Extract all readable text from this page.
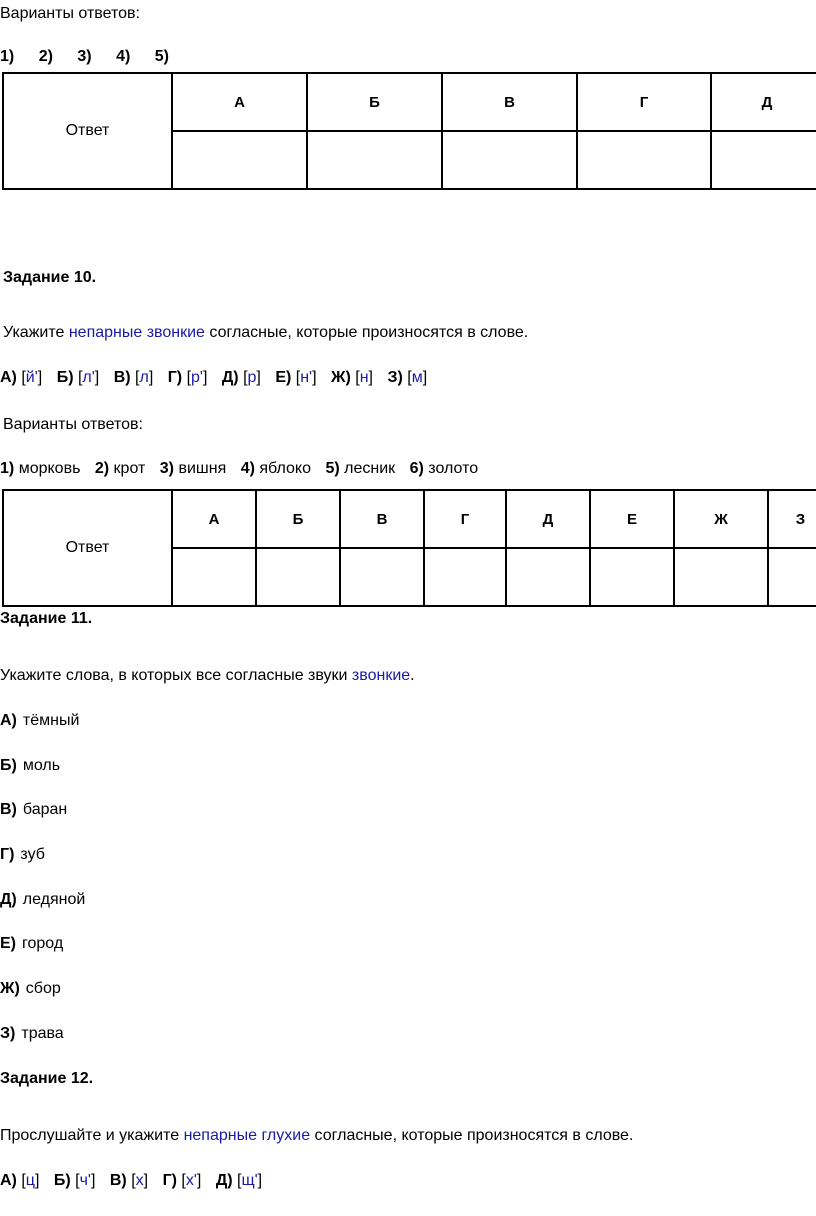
Варианты ответов:
1) 2) 3) 4) 5)
Ответ	А	Б	В	Г	Д

Задание 10.
Укажите непарные звонкие согласные, которые произносятся в слове.
А) [й'] Б) [л'] В) [л] Г) [р'] Д) [р] Е) [н'] Ж) [н] З) [м]
Варианты ответов:
1) морковь 2) крот 3) вишня 4) яблоко 5) лесник 6) золото
Ответ	А	Б	В	Г	Д	Е	Ж	З

Задание 11.
Укажите слова, в которых все согласные звуки звонкие.
А) тёмный
Б) моль
В) баран
Г) зуб
Д) ледяной
Е) город
Ж) сбор
З) трава
Задание 12.
Прослушайте и укажите непарные глухие согласные, которые произносятся в слове.
А) [ц] Б) [ч'] В) [х] Г) [х'] Д) [щ']
